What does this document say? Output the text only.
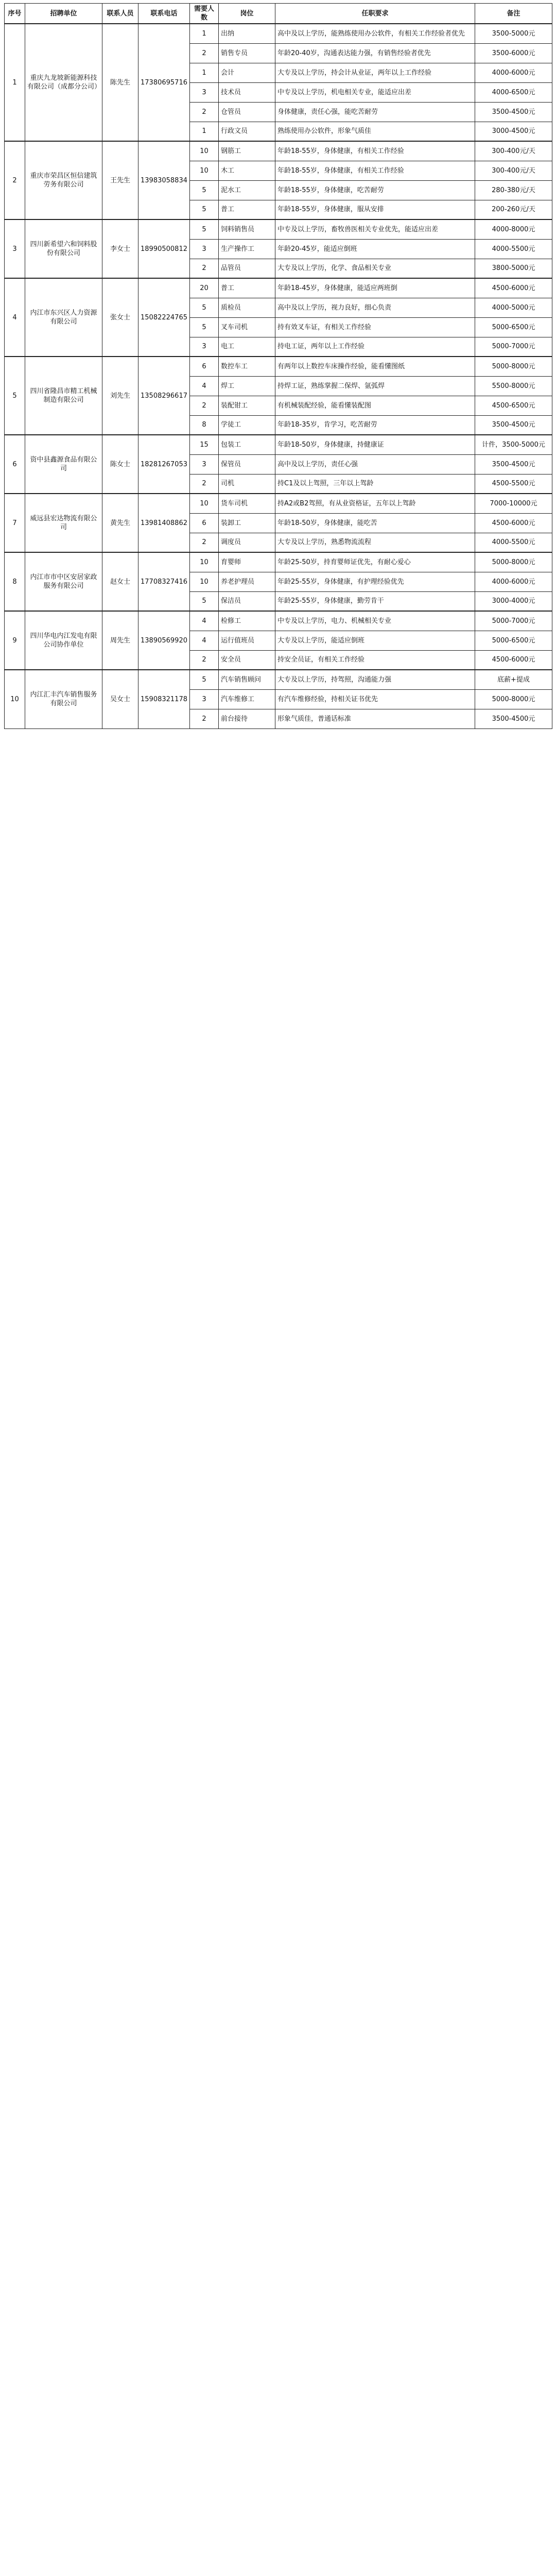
序号	招聘单位	联系人员	联系电话	需要人数	岗位	任职要求	备注
1	重庆九龙坡新能源科技有限公司（成都分公司）	陈先生	17380695716	1	出纳	高中及以上学历，能熟练使用办公软件，有相关工作经验者优先	3500-5000元
				2	销售专员	年龄20-40岁，沟通表达能力强，有销售经验者优先	3500-6000元
				1	会计	大专及以上学历，持会计从业证，两年以上工作经验	4000-6000元
				3	技术员	中专及以上学历，机电相关专业，能适应出差	4000-6500元
				2	仓管员	身体健康，责任心强，能吃苦耐劳	3500-4500元
				1	行政文员	熟练使用办公软件，形象气质佳	3000-4500元
2	重庆市荣昌区恒信建筑劳务有限公司	王先生	13983058834	10	钢筋工	年龄18-55岁，身体健康，有相关工作经验	300-400元/天
				10	木工	年龄18-55岁，身体健康，有相关工作经验	300-400元/天
				5	泥水工	年龄18-55岁，身体健康，吃苦耐劳	280-380元/天
				5	普工	年龄18-55岁，身体健康，服从安排	200-260元/天
3	四川新希望六和饲料股份有限公司	李女士	18990500812	5	饲料销售员	中专及以上学历，畜牧兽医相关专业优先，能适应出差	4000-8000元
				3	生产操作工	年龄20-45岁，能适应倒班	4000-5500元
				2	品管员	大专及以上学历，化学、食品相关专业	3800-5000元
4	内江市东兴区人力资源有限公司	张女士	15082224765	20	普工	年龄18-45岁，身体健康，能适应两班倒	4500-6000元
				5	质检员	高中及以上学历，视力良好，细心负责	4000-5000元
				5	叉车司机	持有效叉车证，有相关工作经验	5000-6500元
				3	电工	持电工证，两年以上工作经验	5000-7000元
5	四川省隆昌市精工机械制造有限公司	刘先生	13508296617	6	数控车工	有两年以上数控车床操作经验，能看懂图纸	5000-8000元
				4	焊工	持焊工证，熟练掌握二保焊、氩弧焊	5500-8000元
				2	装配钳工	有机械装配经验，能看懂装配图	4500-6500元
				8	学徒工	年龄18-35岁，肯学习，吃苦耐劳	3500-4500元
6	资中县鑫源食品有限公司	陈女士	18281267053	15	包装工	年龄18-50岁，身体健康，持健康证	计件，3500-5000元
				3	保管员	高中及以上学历，责任心强	3500-4500元
				2	司机	持C1及以上驾照，三年以上驾龄	4500-5500元
7	威远县宏达物流有限公司	黄先生	13981408862	10	货车司机	持A2或B2驾照，有从业资格证，五年以上驾龄	7000-10000元
				6	装卸工	年龄18-50岁，身体健康，能吃苦	4500-6000元
				2	调度员	大专及以上学历，熟悉物流流程	4000-5500元
8	内江市市中区安居家政服务有限公司	赵女士	17708327416	10	育婴师	年龄25-50岁，持育婴师证优先，有耐心爱心	5000-8000元
				10	养老护理员	年龄25-55岁，身体健康，有护理经验优先	4000-6000元
				5	保洁员	年龄25-55岁，身体健康，勤劳肯干	3000-4000元
9	四川华电内江发电有限公司协作单位	周先生	13890569920	4	检修工	中专及以上学历，电力、机械相关专业	5000-7000元
				4	运行值班员	大专及以上学历，能适应倒班	5000-6500元
				2	安全员	持安全员证，有相关工作经验	4500-6000元
10	内江汇丰汽车销售服务有限公司	吴女士	15908321178	5	汽车销售顾问	大专及以上学历，持驾照，沟通能力强	底薪+提成
				3	汽车维修工	有汽车维修经验，持相关证书优先	5000-8000元
				2	前台接待	形象气质佳，普通话标准	3500-4500元
